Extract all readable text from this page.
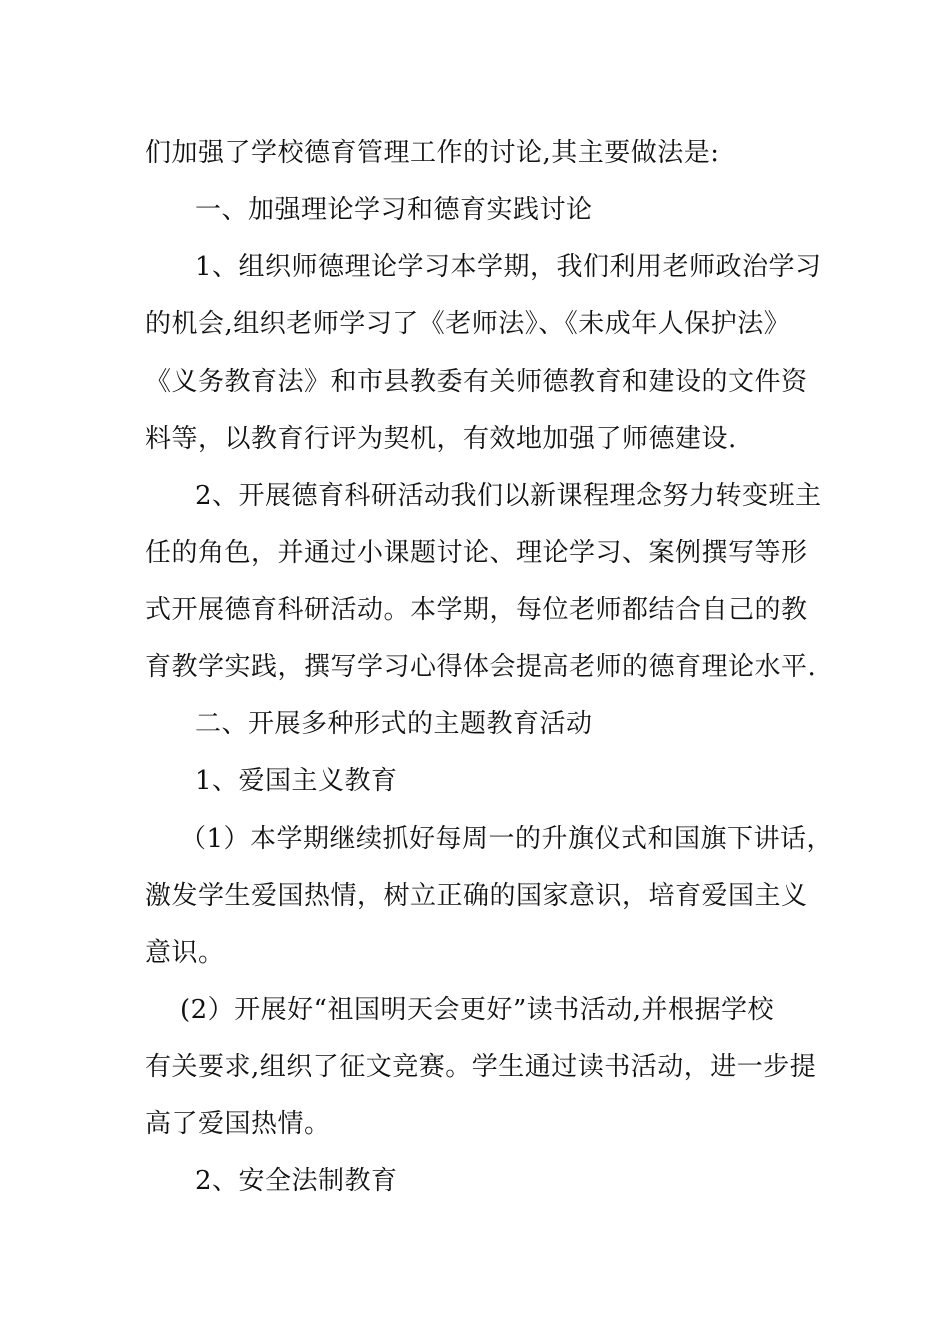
们加强了学校德育管理工作的讨论,其主要做法是:
一、加强理论学习和德育实践讨论
1、组织师德理论学习本学期，我们利用老师政治学习
的机会,组织老师学习了《老师法》、《未成年人保护法》
《义务教育法》和市县教委有关师德教育和建设的文件资
料等，以教育行评为契机，有效地加强了师德建设.
2、开展德育科研活动我们以新课程理念努力转变班主
任的角色，并通过小课题讨论、理论学习、案例撰写等形
式开展德育科研活动。本学期，每位老师都结合自己的教
育教学实践，撰写学习心得体会提高老师的德育理论水平.
二、开展多种形式的主题教育活动
1、爱国主义教育
（1）本学期继续抓好每周一的升旗仪式和国旗下讲话，
激发学生爱国热情，树立正确的国家意识，培育爱国主义
意识。
(2）开展好“祖国明天会更好”读书活动,并根据学校
有关要求,组织了征文竞赛。学生通过读书活动，进一步提
高了爱国热情。
2、安全法制教育
